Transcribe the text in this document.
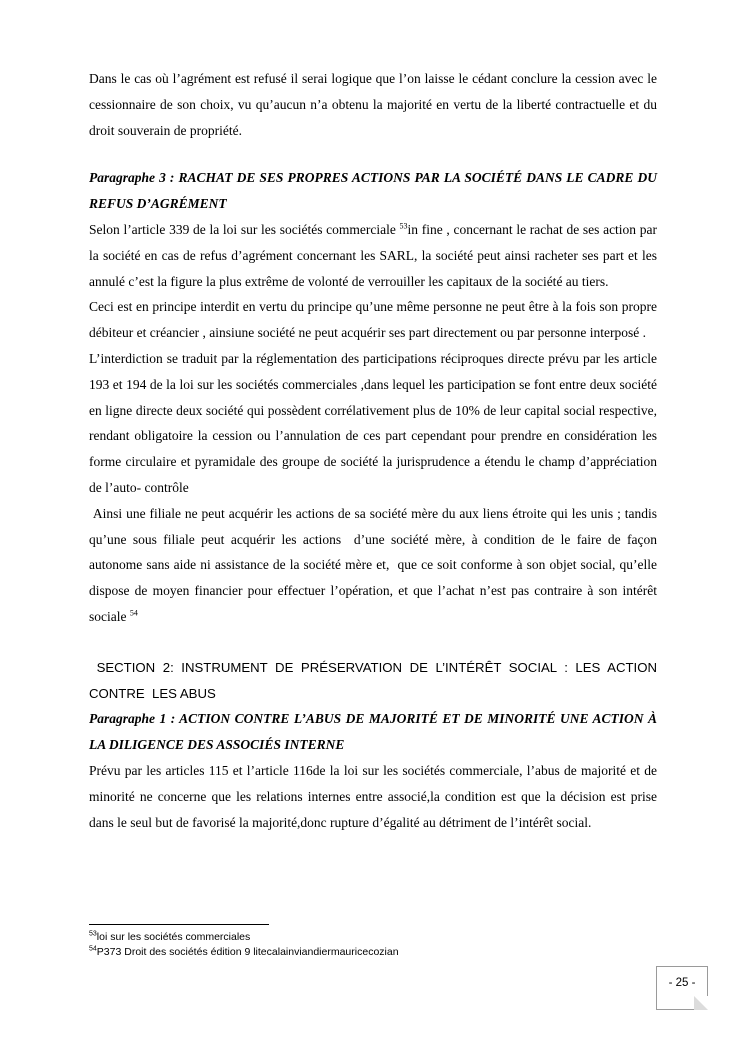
Dans le cas où l’agrément est refusé il serai logique que l’on laisse le cédant conclure la cession avec le cessionnaire de son choix, vu qu’aucun n’a obtenu la majorité en vertu de la liberté contractuelle et du droit souverain de propriété.

Paragraphe 3 : RACHAT DE SES PROPRES ACTIONS PAR LA SOCIÉTÉ DANS LE CADRE DU REFUS D’AGRÉMENT

Selon l’article 339 de la loi sur les sociétés commerciale $^{53}$in fine , concernant le rachat de ses action par la société en cas de refus d’agrément concernant les SARL, la société peut ainsi racheter ses part et les annulé c’est la figure la plus extrême de volonté de verrouiller les capitaux de la société au tiers.

Ceci est en principe interdit en vertu du principe qu’une même personne ne peut être à la fois son propre débiteur et créancier , ainsiune société ne peut acquérir ses part directement ou par personne interposé .

L’interdiction se traduit par la réglementation des participations réciproques directe prévu par les article 193 et 194 de la loi sur les sociétés commerciales ,dans lequel les participation se font entre deux société en ligne directe deux société qui possèdent corrélativement plus de 10% de leur capital social respective, rendant obligatoire la cession ou l’annulation de ces part cependant pour prendre en considération les forme circulaire et pyramidale des groupe de société la jurisprudence a étendu le champ d’appréciation de l’auto- contrôle

Ainsi une filiale ne peut acquérir les actions de sa société mère du aux liens étroite qui les unis ; tandis qu’une sous filiale peut acquérir les actions  d’une société mère, à condition de le faire de façon autonome sans aide ni assistance de la société mère et,  que ce soit conforme à son objet social, qu’elle dispose de moyen financier pour effectuer l’opération, et que l’achat n’est pas contraire à son intérêt sociale $^{54}$

SECTION 2: INSTRUMENT DE PRÉSERVATION DE L’INTÉRÊT SOCIAL : LES ACTION CONTRE  LES ABUS

Paragraphe 1 : ACTION CONTRE L’ABUS DE MAJORITÉ ET DE MINORITÉ UNE ACTION À LA DILIGENCE DES ASSOCIÉS INTERNE

Prévu par les articles 115 et l’article 116de la loi sur les sociétés commerciale, l’abus de majorité et de minorité ne concerne que les relations internes entre associé,la condition est que la décision est prise dans le seul but de favorisé la majorité,donc rupture d’égalité au détriment de l’intérêt social.

$^{53}$loi sur les sociétés commerciales
$^{54}$P373 Droit des sociétés édition 9 litecalainviandiermauricecozian
- 25 -
